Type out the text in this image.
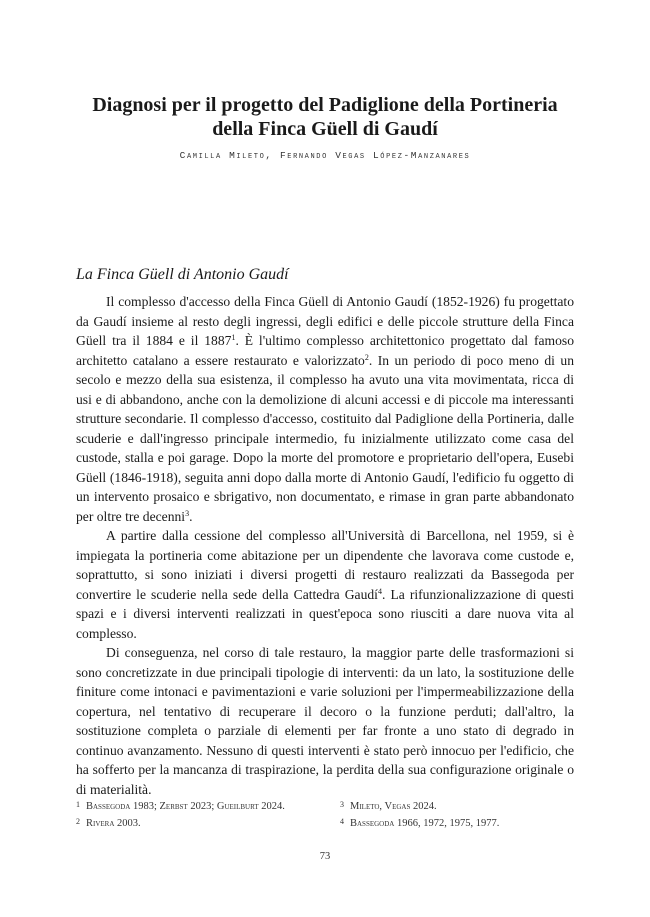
Diagnosi per il progetto del Padiglione della Portineria
della Finca Güell di Gaudí
Camilla Mileto, Fernando Vegas López-Manzanares
La Finca Güell di Antonio Gaudí

Il complesso d'accesso della Finca Güell di Antonio Gaudí (1852-1926) fu progettato da Gaudí insieme al resto degli ingressi, degli edifici e delle piccole strutture della Finca Güell tra il 1884 e il 1887$^1$. È l'ultimo complesso architettonico progettato dal famoso architetto catalano a essere restaurato e valorizzato$^2$. In un periodo di poco meno di un secolo e mezzo della sua esistenza, il complesso ha avuto una vita movimentata, ricca di usi e di abbandono, anche con la demolizione di alcuni accessi e di piccole ma interessanti strutture secondarie. Il complesso d'accesso, costituito dal Padiglione della Portineria, dalle scuderie e dall'ingresso principale intermedio, fu inizialmente utilizzato come casa del custode, stalla e poi garage. Dopo la morte del promotore e proprietario dell'opera, Eusebi Güell (1846-1918), seguita anni dopo dalla morte di Antonio Gaudí, l'edificio fu oggetto di un intervento prosaico e sbrigativo, non documentato, e rimase in gran parte abbandonato per oltre tre decenni$^3$.

A partire dalla cessione del complesso all'Università di Barcellona, nel 1959, si è impiegata la portineria come abitazione per un dipendente che lavorava come custode e, soprattutto, si sono iniziati i diversi progetti di restauro realizzati da Bassegoda per convertire le scuderie nella sede della Cattedra Gaudí$^4$. La rifunzionalizzazione di questi spazi e i diversi interventi realizzati in quest'epoca sono riusciti a dare nuova vita al complesso.

Di conseguenza, nel corso di tale restauro, la maggior parte delle trasformazioni si sono concretizzate in due principali tipologie di interventi: da un lato, la sostituzione delle finiture come intonaci e pavimentazioni e varie soluzioni per l'impermeabilizzazione della copertura, nel tentativo di recuperare il decoro o la funzione perduti; dall'altro, la sostituzione completa o parziale di elementi per far fronte a uno stato di degrado in continuo avanzamento. Nessuno di questi interventi è stato però innocuo per l'edificio, che ha sofferto per la mancanza di traspirazione, la perdita della sua configurazione originale o di materialità.

$^1$ Bassegoda 1983; Zerbst 2023; Gueilburt 2024.
$^2$ Rivera 2003.
$^3$ Mileto, Vegas 2024.
$^4$ Bassegoda 1966, 1972, 1975, 1977.
73
